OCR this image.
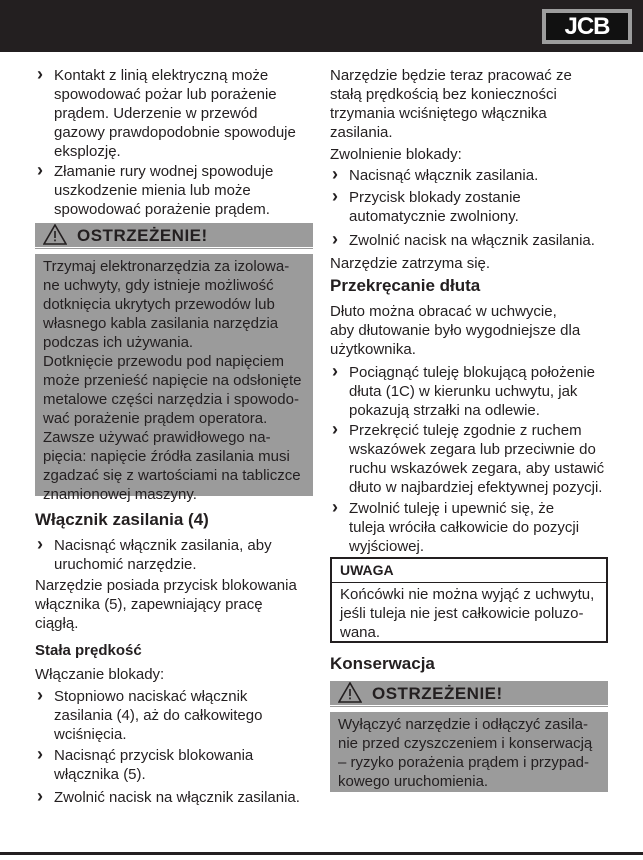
JCB
› Kontakt z linią elektryczną może
spowodować pożar lub porażenie
prądem. Uderzenie w przewód
gazowy prawdopodobnie spowoduje
eksplozję.
› Złamanie rury wodnej spowoduje
uszkodzenie mienia lub może
spowodować porażenie prądem.
OSTRZEŻENIE!
Trzymaj elektronarzędzia za izolowa-
ne uchwyty, gdy istnieje możliwość
dotknięcia ukrytych przewodów lub
własnego kabla zasilania narzędzia
podczas ich używania.
Dotknięcie przewodu pod napięciem
może przenieść napięcie na odsłonięte
metalowe części narzędzia i spowodo-
wać porażenie prądem operatora.
Zawsze używać prawidłowego na-
pięcia: napięcie źródła zasilania musi
zgadzać się z wartościami na tabliczce
znamionowej maszyny.
Włącznik zasilania (4)
› Nacisnąć włącznik zasilania, aby
uruchomić narzędzie.
Narzędzie posiada przycisk blokowania
włącznika (5), zapewniający pracę
ciągłą.
Stała prędkość
Włączanie blokady:
› Stopniowo naciskać włącznik
zasilania (4), aż do całkowitego
wciśnięcia.
› Nacisnąć przycisk blokowania
włącznika (5).
› Zwolnić nacisk na włącznik zasilania.
Narzędzie będzie teraz pracować ze
stałą prędkością bez konieczności
trzymania wciśniętego włącznika
zasilania.
Zwolnienie blokady:
› Nacisnąć włącznik zasilania.
› Przycisk blokady zostanie
automatycznie zwolniony.
› Zwolnić nacisk na włącznik zasilania.
Narzędzie zatrzyma się.
Przekręcanie dłuta
Dłuto można obracać w uchwycie,
aby dłutowanie było wygodniejsze dla
użytkownika.
› Pociągnąć tuleję blokującą położenie
dłuta (1C) w kierunku uchwytu, jak
pokazują strzałki na odlewie.
› Przekręcić tuleję zgodnie z ruchem
wskazówek zegara lub przeciwnie do
ruchu wskazówek zegara, aby ustawić
dłuto w najbardziej efektywnej pozycji.
› Zwolnić tuleję i upewnić się, że
tuleja wróciła całkowicie do pozycji
wyjściowej.
UWAGA
Końcówki nie można wyjąć z uchwytu,
jeśli tuleja nie jest całkowicie poluzo-
wana.
Konserwacja
OSTRZEŻENIE!
Wyłączyć narzędzie i odłączyć zasila-
nie przed czyszczeniem i konserwacją
– ryzyko porażenia prądem i przypad-
kowego uruchomienia.
